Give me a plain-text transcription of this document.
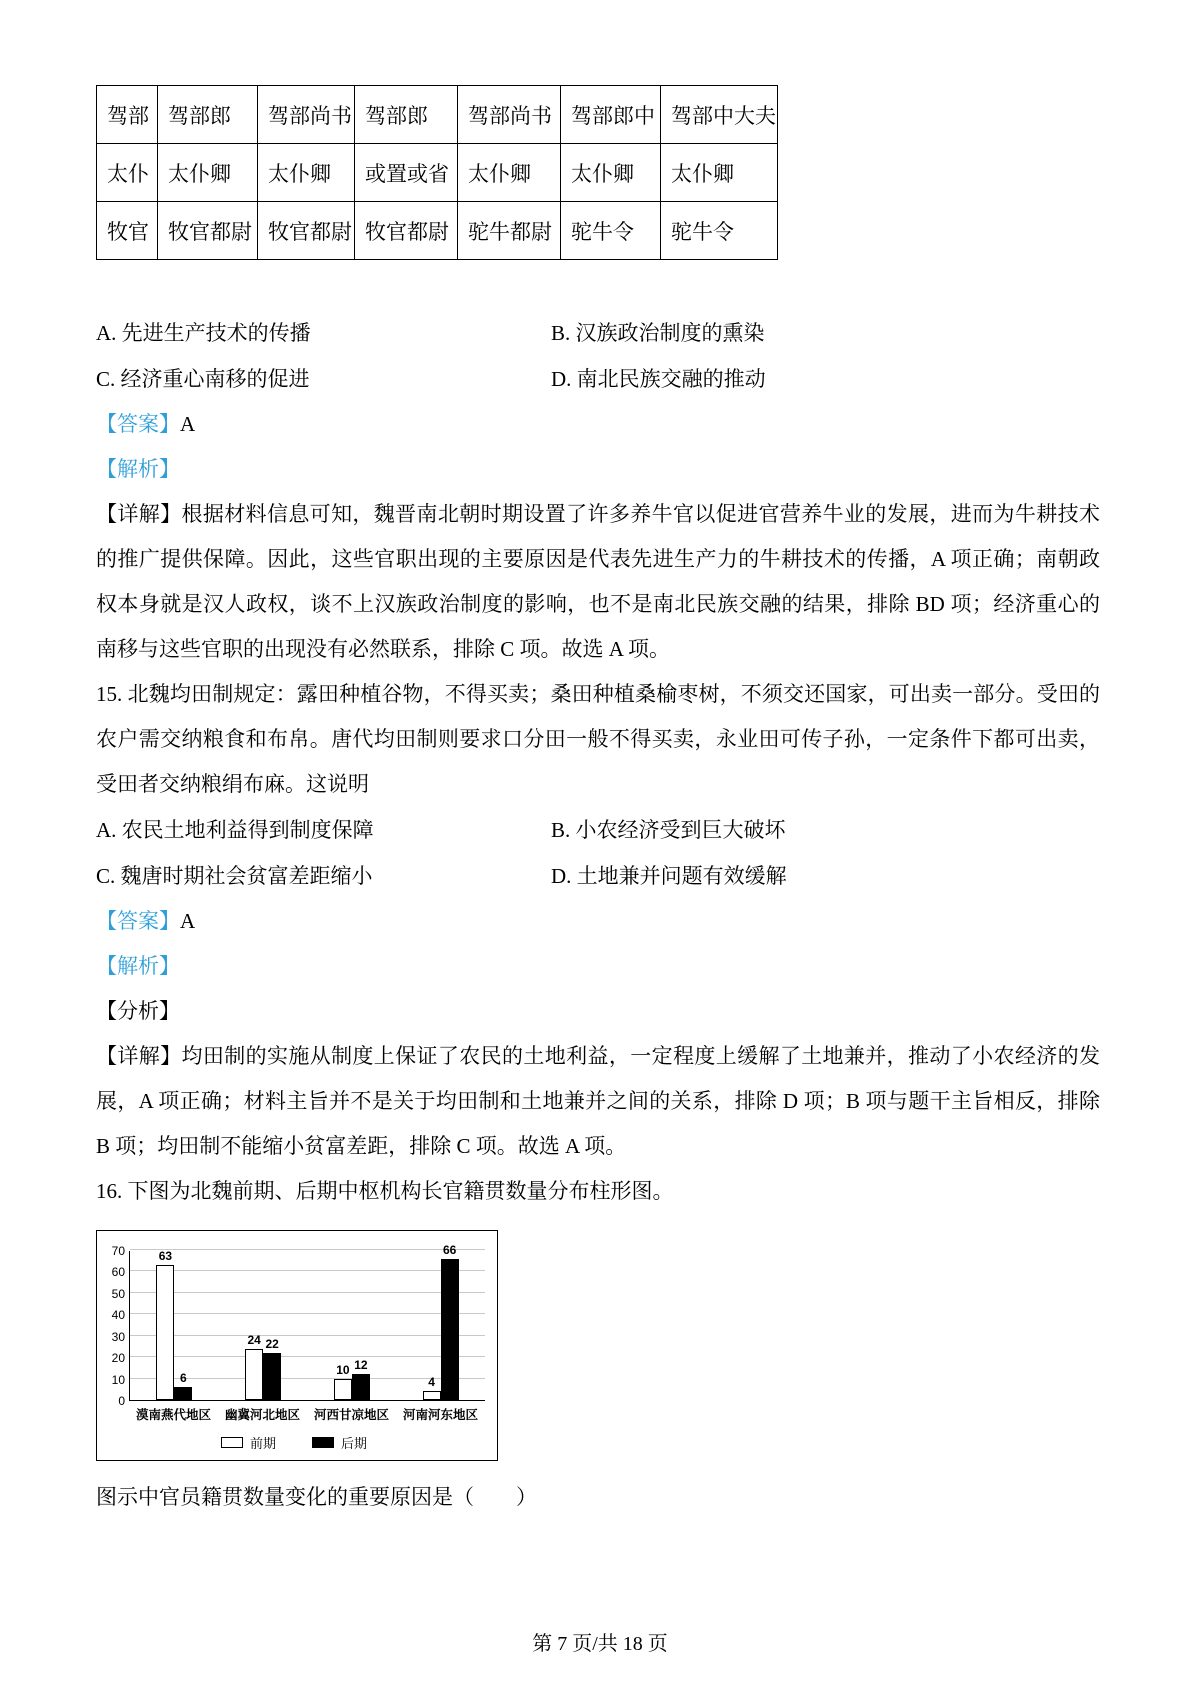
驾部	驾部郎	驾部尚书	驾部郎	驾部尚书	驾部郎中	驾部中大夫
太仆	太仆卿	太仆卿	或置或省	太仆卿	太仆卿	太仆卿
牧官	牧官都尉	牧官都尉	牧官都尉	驼牛都尉	驼牛令	驼牛令
A. 先进生产技术的传播	B. 汉族政治制度的熏染
C. 经济重心南移的促进	D. 南北民族交融的推动
【答案】A
【解析】

【详解】根据材料信息可知，魏晋南北朝时期设置了许多养牛官以促进官营养牛业的发展，进而为牛耕技术的推广提供保障。因此，这些官职出现的主要原因是代表先进生产力的牛耕技术的传播，A 项正确；南朝政权本身就是汉人政权，谈不上汉族政治制度的影响，也不是南北民族交融的结果，排除 BD 项；经济重心的南移与这些官职的出现没有必然联系，排除 C 项。故选 A 项。

15. 北魏均田制规定：露田种植谷物，不得买卖；桑田种植桑榆枣树，不须交还国家，可出卖一部分。受田的农户需交纳粮食和布帛。唐代均田制则要求口分田一般不得买卖，永业田可传子孙，一定条件下都可出卖，受田者交纳粮绢布麻。这说明

A. 农民土地利益得到制度保障	B. 小农经济受到巨大破坏
C. 魏唐时期社会贫富差距缩小	D. 土地兼并问题有效缓解
【答案】A
【解析】
【分析】

【详解】均田制的实施从制度上保证了农民的土地利益，一定程度上缓解了土地兼并，推动了小农经济的发展，A 项正确；材料主旨并不是关于均田制和土地兼并之间的关系，排除 D 项；B 项与题干主旨相反，排除 B 项；均田制不能缩小贫富差距，排除 C 项。故选 A 项。

16. 下图为北魏前期、后期中枢机构长官籍贯数量分布柱形图。

0
10
20
30
40
50
60
70	63
6
24 22
10 12
4
66
漠南燕代地区	幽冀河北地区	河西甘凉地区	河南河东地区
前期	后期

图示中官员籍贯数量变化的重要原因是（　　）

第 7 页/共 18 页
